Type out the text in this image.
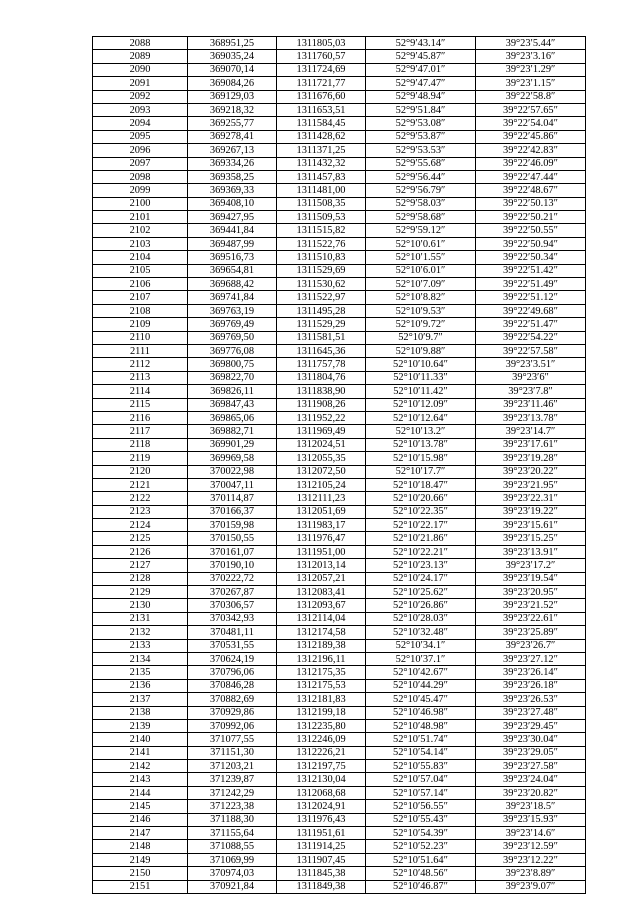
2088	368951,25	1311805,03	52°9′43.14″	39°23′5.44″
2089	369035,24	1311760,57	52°9′45.87″	39°23′3.16″
2090	369070,14	1311724,69	52°9′47.01″	39°23′1.29″
2091	369084,26	1311721,77	52°9′47.47″	39°23′1.15″
2092	369129,03	1311676,60	52°9′48.94″	39°22′58.8″
2093	369218,32	1311653,51	52°9′51.84″	39°22′57.65″
2094	369255,77	1311584,45	52°9′53.08″	39°22′54.04″
2095	369278,41	1311428,62	52°9′53.87″	39°22′45.86″
2096	369267,13	1311371,25	52°9′53.53″	39°22′42.83″
2097	369334,26	1311432,32	52°9′55.68″	39°22′46.09″
2098	369358,25	1311457,83	52°9′56.44″	39°22′47.44″
2099	369369,33	1311481,00	52°9′56.79″	39°22′48.67″
2100	369408,10	1311508,35	52°9′58.03″	39°22′50.13″
2101	369427,95	1311509,53	52°9′58.68″	39°22′50.21″
2102	369441,84	1311515,82	52°9′59.12″	39°22′50.55″
2103	369487,99	1311522,76	52°10′0.61″	39°22′50.94″
2104	369516,73	1311510,83	52°10′1.55″	39°22′50.34″
2105	369654,81	1311529,69	52°10′6.01″	39°22′51.42″
2106	369688,42	1311530,62	52°10′7.09″	39°22′51.49″
2107	369741,84	1311522,97	52°10′8.82″	39°22′51.12″
2108	369763,19	1311495,28	52°10′9.53″	39°22′49.68″
2109	369769,49	1311529,29	52°10′9.72″	39°22′51.47″
2110	369769,50	1311581,51	52°10′9.7″	39°22′54.22″
2111	369776,08	1311645,36	52°10′9.88″	39°22′57.58″
2112	369800,75	1311757,78	52°10′10.64″	39°23′3.51″
2113	369822,70	1311804,76	52°10′11.33″	39°23′6″
2114	369826,11	1311838,90	52°10′11.42″	39°23′7.8″
2115	369847,43	1311908,26	52°10′12.09″	39°23′11.46″
2116	369865,06	1311952,22	52°10′12.64″	39°23′13.78″
2117	369882,71	1311969,49	52°10′13.2″	39°23′14.7″
2118	369901,29	1312024,51	52°10′13.78″	39°23′17.61″
2119	369969,58	1312055,35	52°10′15.98″	39°23′19.28″
2120	370022,98	1312072,50	52°10′17.7″	39°23′20.22″
2121	370047,11	1312105,24	52°10′18.47″	39°23′21.95″
2122	370114,87	1312111,23	52°10′20.66″	39°23′22.31″
2123	370166,37	1312051,69	52°10′22.35″	39°23′19.22″
2124	370159,98	1311983,17	52°10′22.17″	39°23′15.61″
2125	370150,55	1311976,47	52°10′21.86″	39°23′15.25″
2126	370161,07	1311951,00	52°10′22.21″	39°23′13.91″
2127	370190,10	1312013,14	52°10′23.13″	39°23′17.2″
2128	370222,72	1312057,21	52°10′24.17″	39°23′19.54″
2129	370267,87	1312083,41	52°10′25.62″	39°23′20.95″
2130	370306,57	1312093,67	52°10′26.86″	39°23′21.52″
2131	370342,93	1312114,04	52°10′28.03″	39°23′22.61″
2132	370481,11	1312174,58	52°10′32.48″	39°23′25.89″
2133	370531,55	1312189,38	52°10′34.1″	39°23′26.7″
2134	370624,19	1312196,11	52°10′37.1″	39°23′27.12″
2135	370796,06	1312175,35	52°10′42.67″	39°23′26.14″
2136	370846,28	1312175,53	52°10′44.29″	39°23′26.18″
2137	370882,69	1312181,83	52°10′45.47″	39°23′26.53″
2138	370929,86	1312199,18	52°10′46.98″	39°23′27.48″
2139	370992,06	1312235,80	52°10′48.98″	39°23′29.45″
2140	371077,55	1312246,09	52°10′51.74″	39°23′30.04″
2141	371151,30	1312226,21	52°10′54.14″	39°23′29.05″
2142	371203,21	1312197,75	52°10′55.83″	39°23′27.58″
2143	371239,87	1312130,04	52°10′57.04″	39°23′24.04″
2144	371242,29	1312068,68	52°10′57.14″	39°23′20.82″
2145	371223,38	1312024,91	52°10′56.55″	39°23′18.5″
2146	371188,30	1311976,43	52°10′55.43″	39°23′15.93″
2147	371155,64	1311951,61	52°10′54.39″	39°23′14.6″
2148	371088,55	1311914,25	52°10′52.23″	39°23′12.59″
2149	371069,99	1311907,45	52°10′51.64″	39°23′12.22″
2150	370974,03	1311845,38	52°10′48.56″	39°23′8.89″
2151	370921,84	1311849,38	52°10′46.87″	39°23′9.07″
